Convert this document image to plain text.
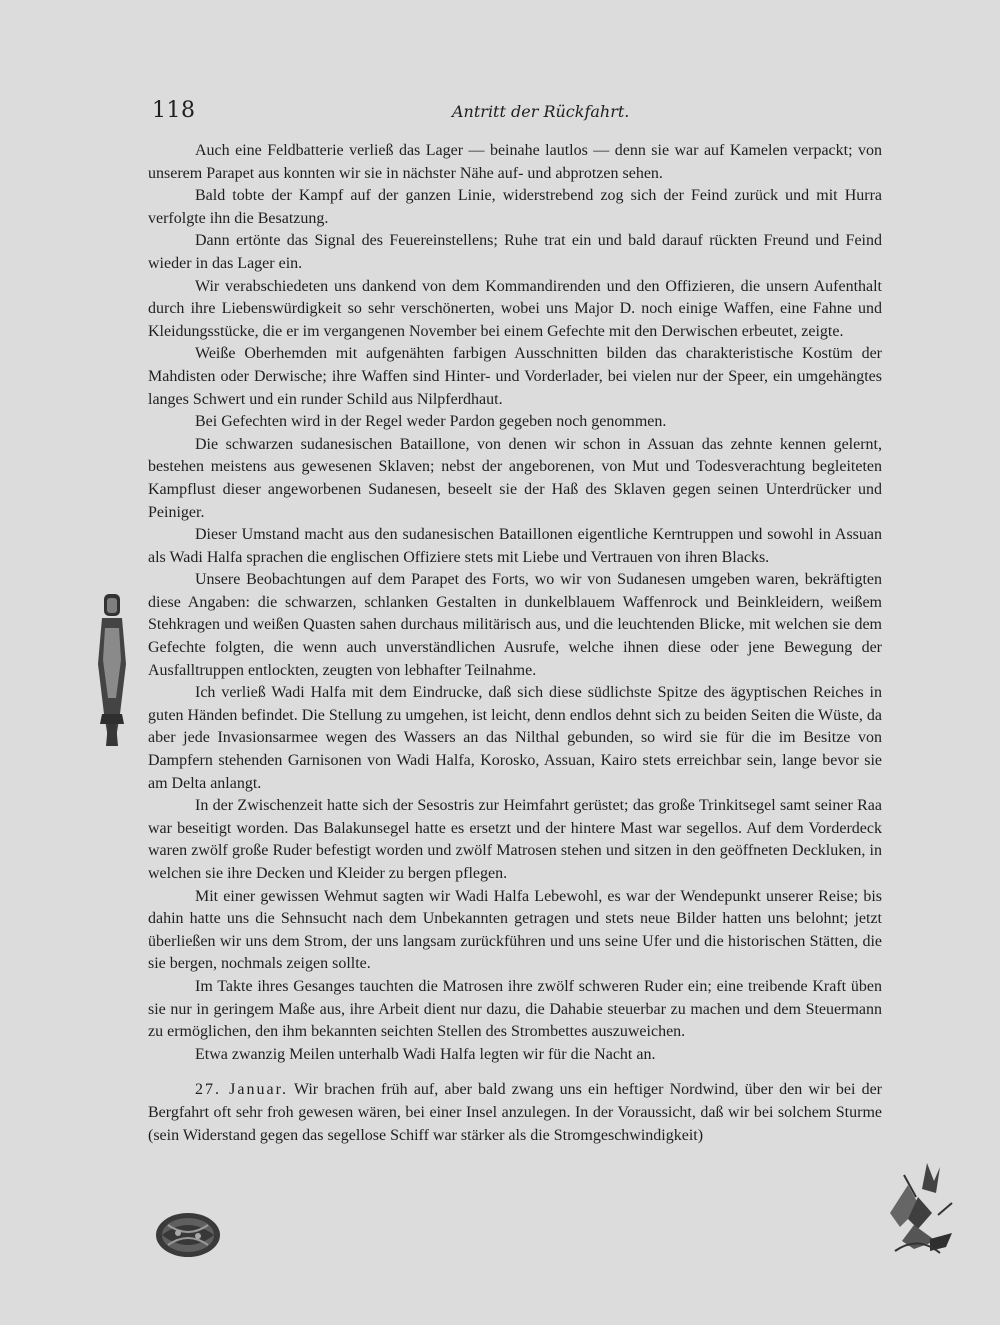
118	Antritt der Rückfahrt.

Auch eine Feldbatterie verließ das Lager — beinahe lautlos — denn sie war auf Kamelen verpackt; von unserem Parapet aus konnten wir sie in nächster Nähe auf- und abprotzen sehen.

Bald tobte der Kampf auf der ganzen Linie, widerstrebend zog sich der Feind zurück und mit Hurra verfolgte ihn die Besatzung.

Dann ertönte das Signal des Feuereinstellens; Ruhe trat ein und bald darauf rückten Freund und Feind wieder in das Lager ein.

Wir verabschiedeten uns dankend von dem Kommandirenden und den Offizieren, die unsern Aufenthalt durch ihre Liebenswürdigkeit so sehr verschönerten, wobei uns Major D. noch einige Waffen, eine Fahne und Kleidungsstücke, die er im vergangenen November bei einem Gefechte mit den Derwischen erbeutet, zeigte.

Weiße Oberhemden mit aufgenähten farbigen Ausschnitten bilden das charakteristische Kostüm der Mahdisten oder Derwische; ihre Waffen sind Hinter- und Vorderlader, bei vielen nur der Speer, ein umgehängtes langes Schwert und ein runder Schild aus Nilpferdhaut.

Bei Gefechten wird in der Regel weder Pardon gegeben noch genommen.

Die schwarzen sudanesischen Bataillone, von denen wir schon in Assuan das zehnte kennen gelernt, bestehen meistens aus gewesenen Sklaven; nebst der angeborenen, von Mut und Todesverachtung begleiteten Kampflust dieser angeworbenen Sudanesen, beseelt sie der Haß des Sklaven gegen seinen Unterdrücker und Peiniger.

Dieser Umstand macht aus den sudanesischen Bataillonen eigentliche Kerntruppen und sowohl in Assuan als Wadi Halfa sprachen die englischen Offiziere stets mit Liebe und Vertrauen von ihren Blacks.

Unsere Beobachtungen auf dem Parapet des Forts, wo wir von Sudanesen umgeben waren, bekräftigten diese Angaben: die schwarzen, schlanken Gestalten in dunkelblauem Waffenrock und Beinkleidern, weißem Stehkragen und weißen Quasten sahen durchaus militärisch aus, und die leuchtenden Blicke, mit welchen sie dem Gefechte folgten, die wenn auch unverständlichen Ausrufe, welche ihnen diese oder jene Bewegung der Ausfalltruppen entlockten, zeugten von lebhafter Teilnahme.

Ich verließ Wadi Halfa mit dem Eindrucke, daß sich diese südlichste Spitze des ägyptischen Reiches in guten Händen befindet. Die Stellung zu umgehen, ist leicht, denn endlos dehnt sich zu beiden Seiten die Wüste, da aber jede Invasionsarmee wegen des Wassers an das Nilthal gebunden, so wird sie für die im Besitze von Dampfern stehenden Garnisonen von Wadi Halfa, Korosko, Assuan, Kairo stets erreichbar sein, lange bevor sie am Delta anlangt.

In der Zwischenzeit hatte sich der Sesostris zur Heimfahrt gerüstet; das große Trinkitsegel samt seiner Raa war beseitigt worden. Das Balakunsegel hatte es ersetzt und der hintere Mast war segellos. Auf dem Vorderdeck waren zwölf große Ruder befestigt worden und zwölf Matrosen stehen und sitzen in den geöffneten Decklukеn, in welchen sie ihre Decken und Kleider zu bergen pflegen.

Mit einer gewissen Wehmut sagten wir Wadi Halfa Lebewohl, es war der Wendepunkt unserer Reise; bis dahin hatte uns die Sehnsucht nach dem Unbekannten getragen und stets neue Bilder hatten uns belohnt; jetzt überließen wir uns dem Strom, der uns langsam zurückführen und uns seine Ufer und die historischen Stätten, die sie bergen, nochmals zeigen sollte.

Im Takte ihres Gesanges tauchten die Matrosen ihre zwölf schweren Ruder ein; eine treibende Kraft üben sie nur in geringem Maße aus, ihre Arbeit dient nur dazu, die Dahabie steuerbar zu machen und dem Steuermann zu ermöglichen, den ihm bekannten seichten Stellen des Strombettes auszuweichen.

Etwa zwanzig Meilen unterhalb Wadi Halfa legten wir für die Nacht an.

27. Januar. Wir brachen früh auf, aber bald zwang uns ein heftiger Nordwind, über den wir bei der Bergfahrt oft sehr froh gewesen wären, bei einer Insel anzulegen. In der Voraussicht, daß wir bei solchem Sturme (sein Widerstand gegen das segellose Schiff war stärker als die Stromgeschwindigkeit)
